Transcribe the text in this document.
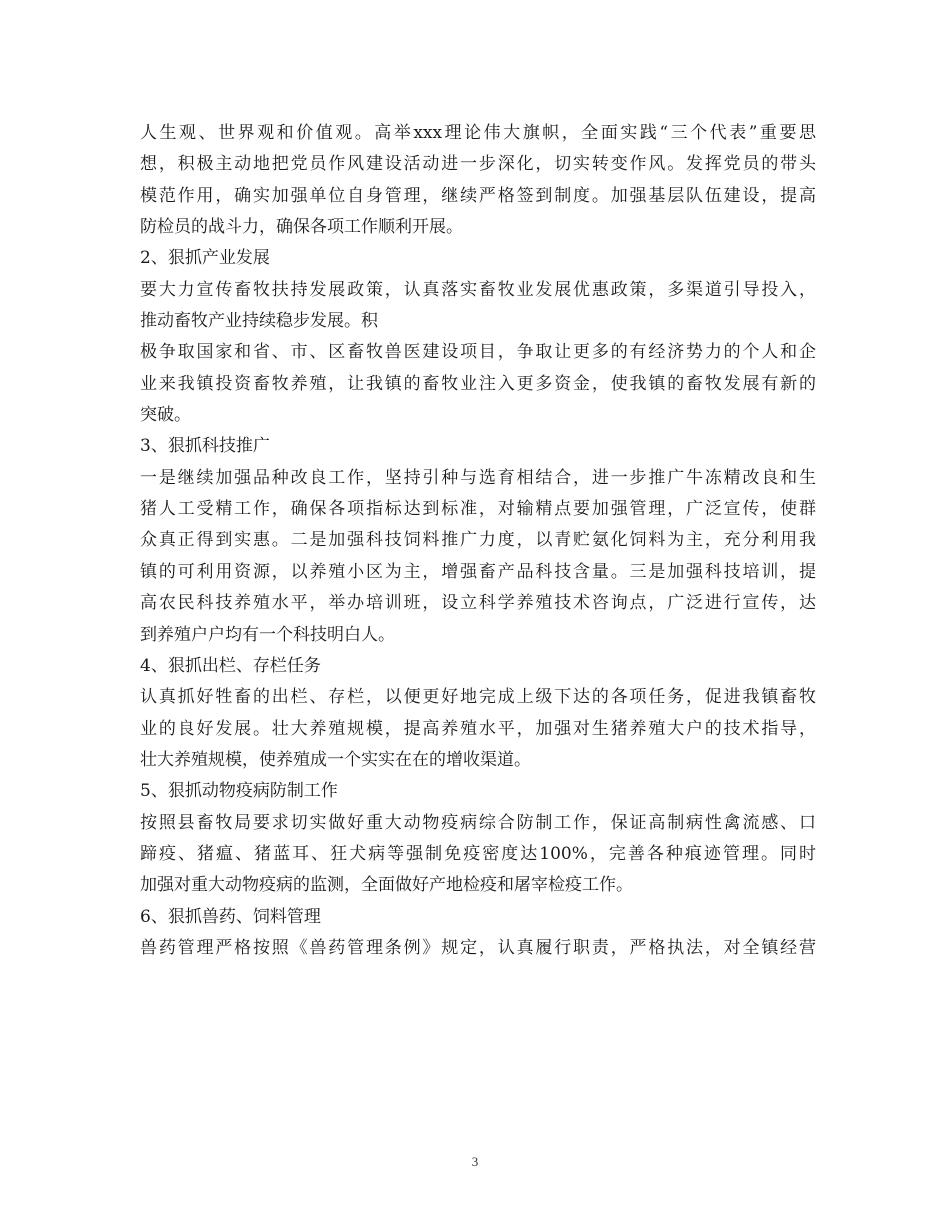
人生观、世界观和价值观。高举xxx理论伟大旗帜，全面实践“三个代表”重要思
想，积极主动地把党员作风建设活动进一步深化，切实转变作风。发挥党员的带头
模范作用，确实加强单位自身管理，继续严格签到制度。加强基层队伍建设，提高
防检员的战斗力，确保各项工作顺利开展。
2、狠抓产业发展
要大力宣传畜牧扶持发展政策，认真落实畜牧业发展优惠政策，多渠道引导投入，
推动畜牧产业持续稳步发展。积
极争取国家和省、市、区畜牧兽医建设项目，争取让更多的有经济势力的个人和企
业来我镇投资畜牧养殖，让我镇的畜牧业注入更多资金，使我镇的畜牧发展有新的
突破。
3、狠抓科技推广
一是继续加强品种改良工作，坚持引种与选育相结合，进一步推广牛冻精改良和生
猪人工受精工作，确保各项指标达到标准，对输精点要加强管理，广泛宣传，使群
众真正得到实惠。二是加强科技饲料推广力度，以青贮氨化饲料为主，充分利用我
镇的可利用资源，以养殖小区为主，增强畜产品科技含量。三是加强科技培训，提
高农民科技养殖水平，举办培训班，设立科学养殖技术咨询点，广泛进行宣传，达
到养殖户户均有一个科技明白人。
4、狠抓出栏、存栏任务
认真抓好牲畜的出栏、存栏，以便更好地完成上级下达的各项任务，促进我镇畜牧
业的良好发展。壮大养殖规模，提高养殖水平，加强对生猪养殖大户的技术指导，
壮大养殖规模，使养殖成一个实实在在的增收渠道。
5、狠抓动物疫病防制工作
按照县畜牧局要求切实做好重大动物疫病综合防制工作，保证高制病性禽流感、口
蹄疫、猪瘟、猪蓝耳、狂犬病等强制免疫密度达100%，完善各种痕迹管理。同时
加强对重大动物疫病的监测，全面做好产地检疫和屠宰检疫工作。
6、狠抓兽药、饲料管理
兽药管理严格按照《兽药管理条例》规定，认真履行职责，严格执法，对全镇经营
3
